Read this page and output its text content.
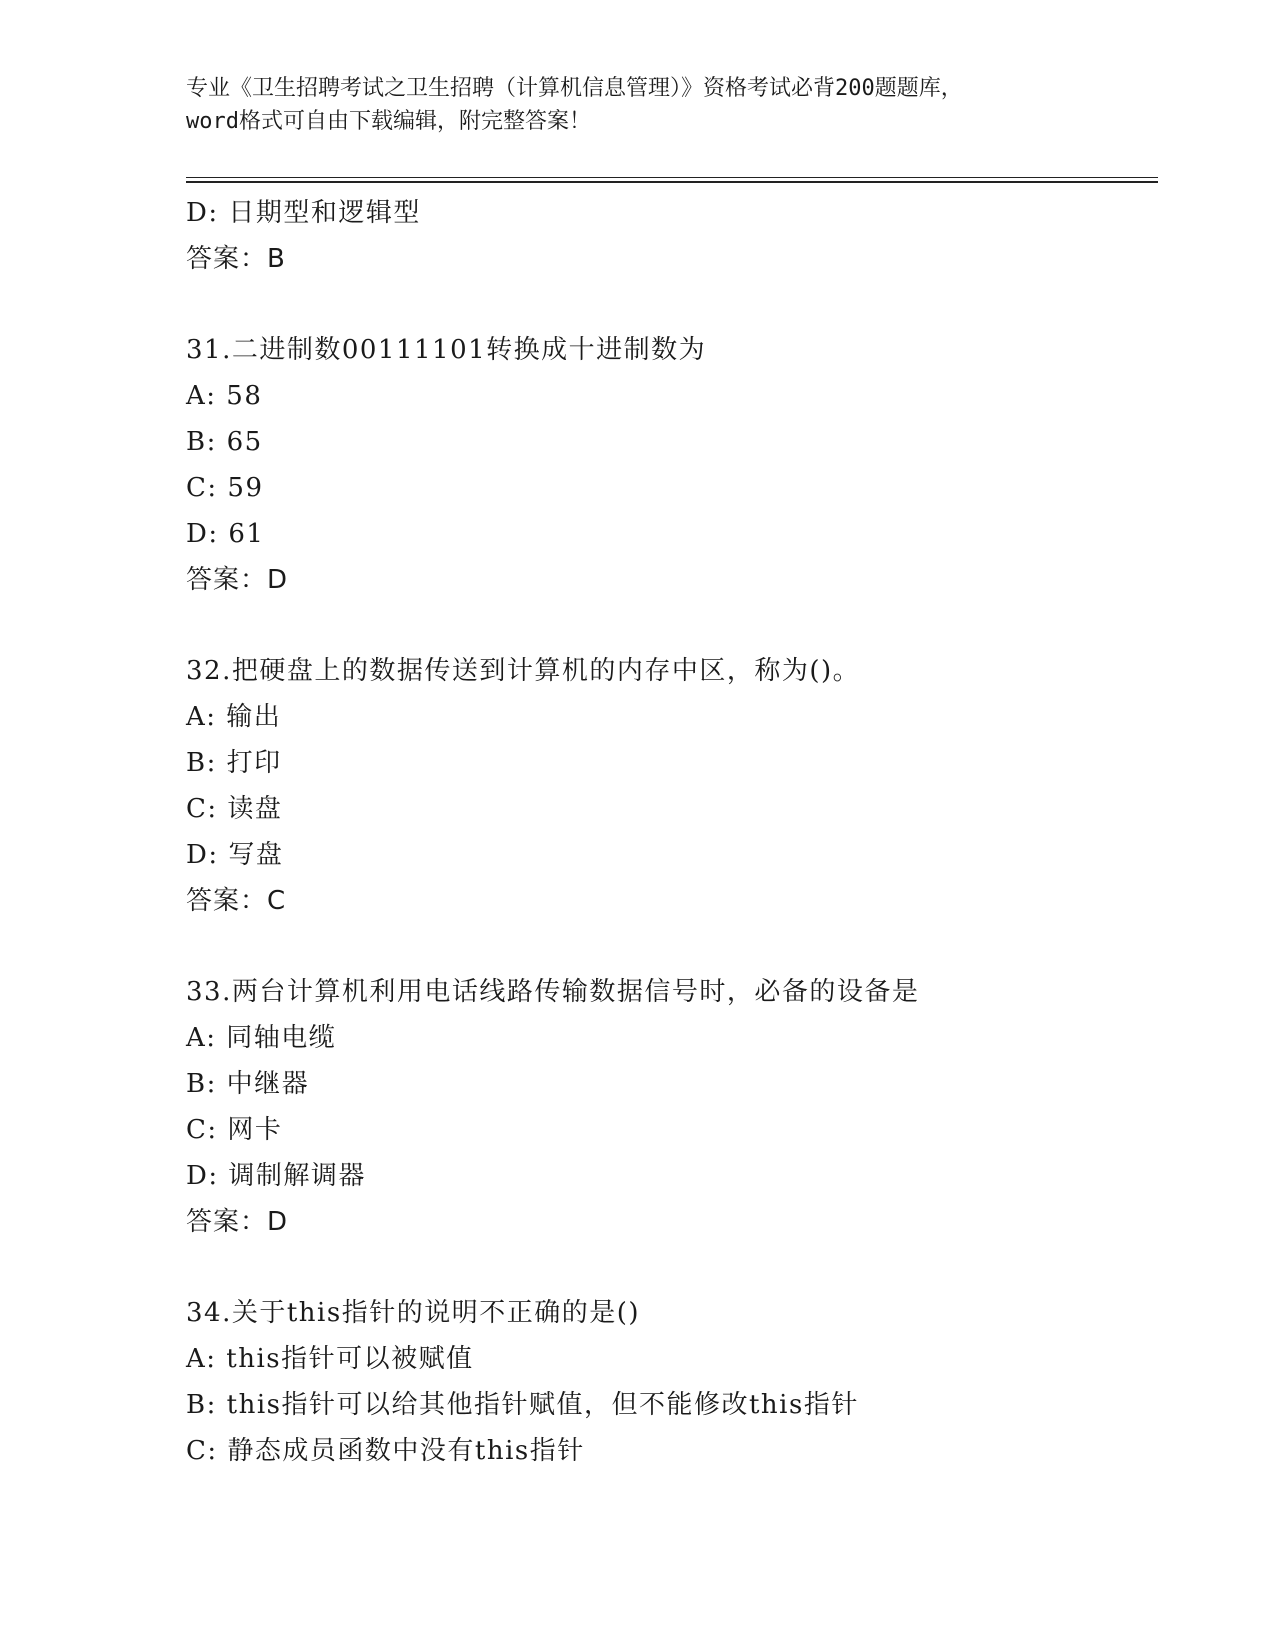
专业《卫生招聘考试之卫生招聘（计算机信息管理）》资格考试必背200题题库，
word格式可自由下载编辑，附完整答案！
D: 日期型和逻辑型
答案：B
31.二进制数00111101转换成十进制数为
A: 58
B: 65
C: 59
D: 61
答案：D
32.把硬盘上的数据传送到计算机的内存中区，称为()。
A: 输出
B: 打印
C: 读盘
D: 写盘
答案：C
33.两台计算机利用电话线路传输数据信号时，必备的设备是
A: 同轴电缆
B: 中继器
C: 网卡
D: 调制解调器
答案：D
34.关于this指针的说明不正确的是()
A: this指针可以被赋值
B: this指针可以给其他指针赋值，但不能修改this指针
C: 静态成员函数中没有this指针
